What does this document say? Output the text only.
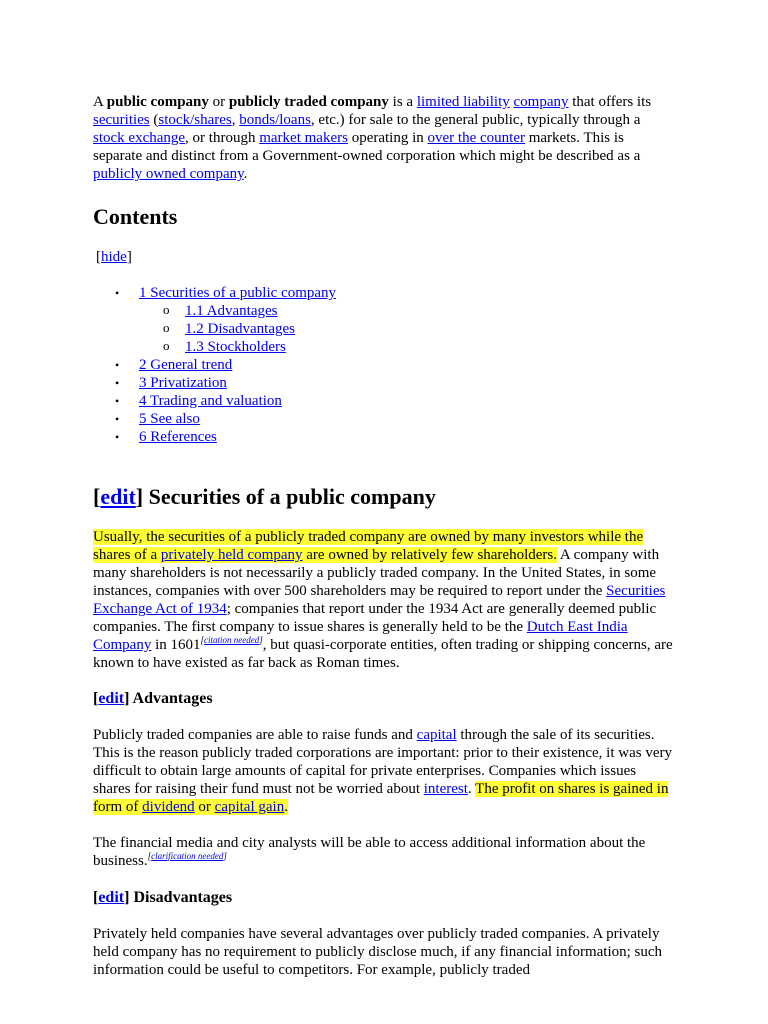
A public company or publicly traded company is a limited liability company that offers its securities (stock/shares, bonds/loans, etc.) for sale to the general public, typically through a stock exchange, or through market makers operating in over the counter markets. This is separate and distinct from a Government-owned corporation which might be described as a publicly owned company.

Contents

[hide]

• 1 Securities of a public company
o 1.1 Advantages
o 1.2 Disadvantages
o 1.3 Stockholders
• 2 General trend
• 3 Privatization
• 4 Trading and valuation
• 5 See also
• 6 References
[edit] Securities of a public company

Usually, the securities of a publicly traded company are owned by many investors while the shares of a privately held company are owned by relatively few shareholders. A company with many shareholders is not necessarily a publicly traded company. In the United States, in some instances, companies with over 500 shareholders may be required to report under the Securities Exchange Act of 1934; companies that report under the 1934 Act are generally deemed public companies. The first company to issue shares is generally held to be the Dutch East India Company in 1601[citation needed], but quasi-corporate entities, often trading or shipping concerns, are known to have existed as far back as Roman times.

[edit] Advantages

Publicly traded companies are able to raise funds and capital through the sale of its securities. This is the reason publicly traded corporations are important: prior to their existence, it was very difficult to obtain large amounts of capital for private enterprises. Companies which issues shares for raising their fund must not be worried about interest. The profit on shares is gained in form of dividend or capital gain.

The financial media and city analysts will be able to access additional information about the business.[clarification needed]

[edit] Disadvantages

Privately held companies have several advantages over publicly traded companies. A privately held company has no requirement to publicly disclose much, if any financial information; such information could be useful to competitors. For example, publicly traded
